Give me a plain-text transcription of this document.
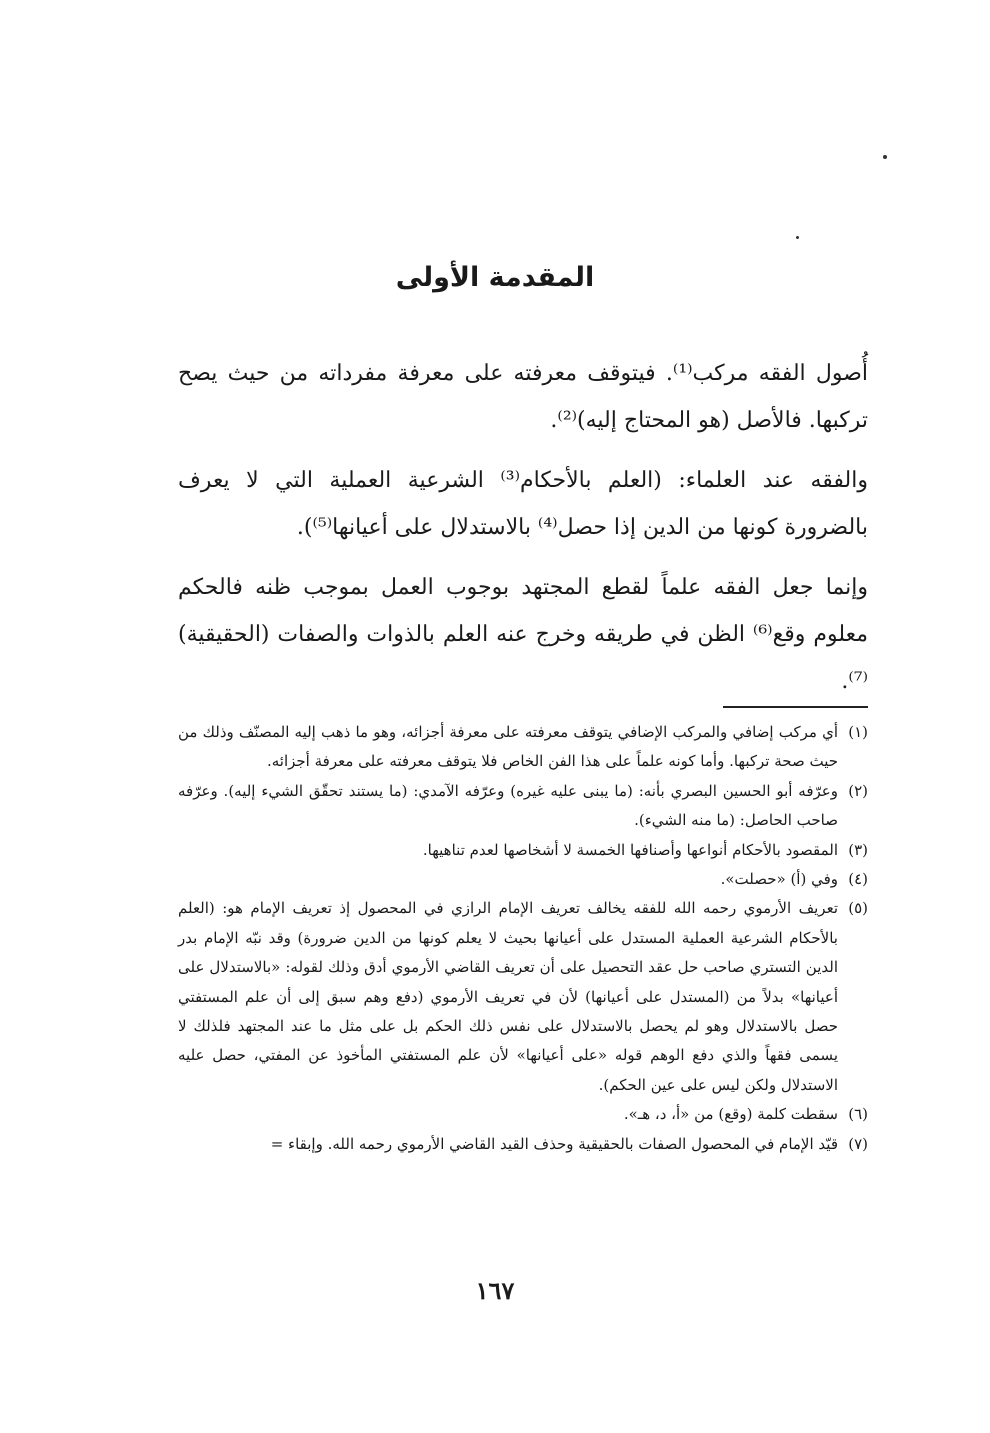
المقدمة الأولى

أُصول الفقه مركب⁽¹⁾. فيتوقف معرفته على معرفة مفرداته من حيث يصح تركبها. فالأصل (هو المحتاج إليه)⁽²⁾.

والفقه عند العلماء: (العلم بالأحكام⁽³⁾ الشرعية العملية التي لا يعرف بالضرورة كونها من الدين إذا حصل⁽⁴⁾ بالاستدلال على أعيانها⁽⁵⁾).

وإنما جعل الفقه علماً لقطع المجتهد بوجوب العمل بموجب ظنه فالحكم معلوم وقع⁽⁶⁾ الظن في طريقه وخرج عنه العلم بالذوات والصفات (الحقيقية)⁽⁷⁾.

(١)
أي مركب إضافي والمركب الإضافي يتوقف معرفته على معرفة أجزائه، وهو ما ذهب إليه المصنّف وذلك من حيث صحة تركبها. وأما كونه علماً على هذا الفن الخاص فلا يتوقف معرفته على معرفة أجزائه.
(٢)
وعرّفه أبو الحسين البصري بأنه: (ما يبنى عليه غيره) وعرّفه الآمدي: (ما يستند تحقّق الشيء إليه). وعرّفه صاحب الحاصل: (ما منه الشيء).
(٣)
المقصود بالأحكام أنواعها وأصنافها الخمسة لا أشخاصها لعدم تناهيها.
(٤)
وفي (أ) «حصلت».
(٥)
تعريف الأرموي رحمه الله للفقه يخالف تعريف الإمام الرازي في المحصول إذ تعريف الإمام هو: (العلم بالأحكام الشرعية العملية المستدل على أعيانها بحيث لا يعلم كونها من الدين ضرورة) وقد نبّه الإمام بدر الدين التستري صاحب حل عقد التحصيل على أن تعريف القاضي الأرموي أدق وذلك لقوله: «بالاستدلال على أعيانها» بدلاً من (المستدل على أعيانها) لأن في تعريف الأرموي (دفع وهم سبق إلى أن علم المستفتي حصل بالاستدلال وهو لم يحصل بالاستدلال على نفس ذلك الحكم بل على مثل ما عند المجتهد فلذلك لا يسمى فقهاً والذي دفع الوهم قوله «على أعيانها» لأن علم المستفتي المأخوذ عن المفتي، حصل عليه الاستدلال ولكن ليس على عين الحكم).
(٦)
سقطت كلمة (وقع) من «أ، د، هـ».
(٧)
قيّد الإمام في المحصول الصفات بالحقيقية وحذف القيد القاضي الأرموي رحمه الله. وإبقاء =
١٦٧
